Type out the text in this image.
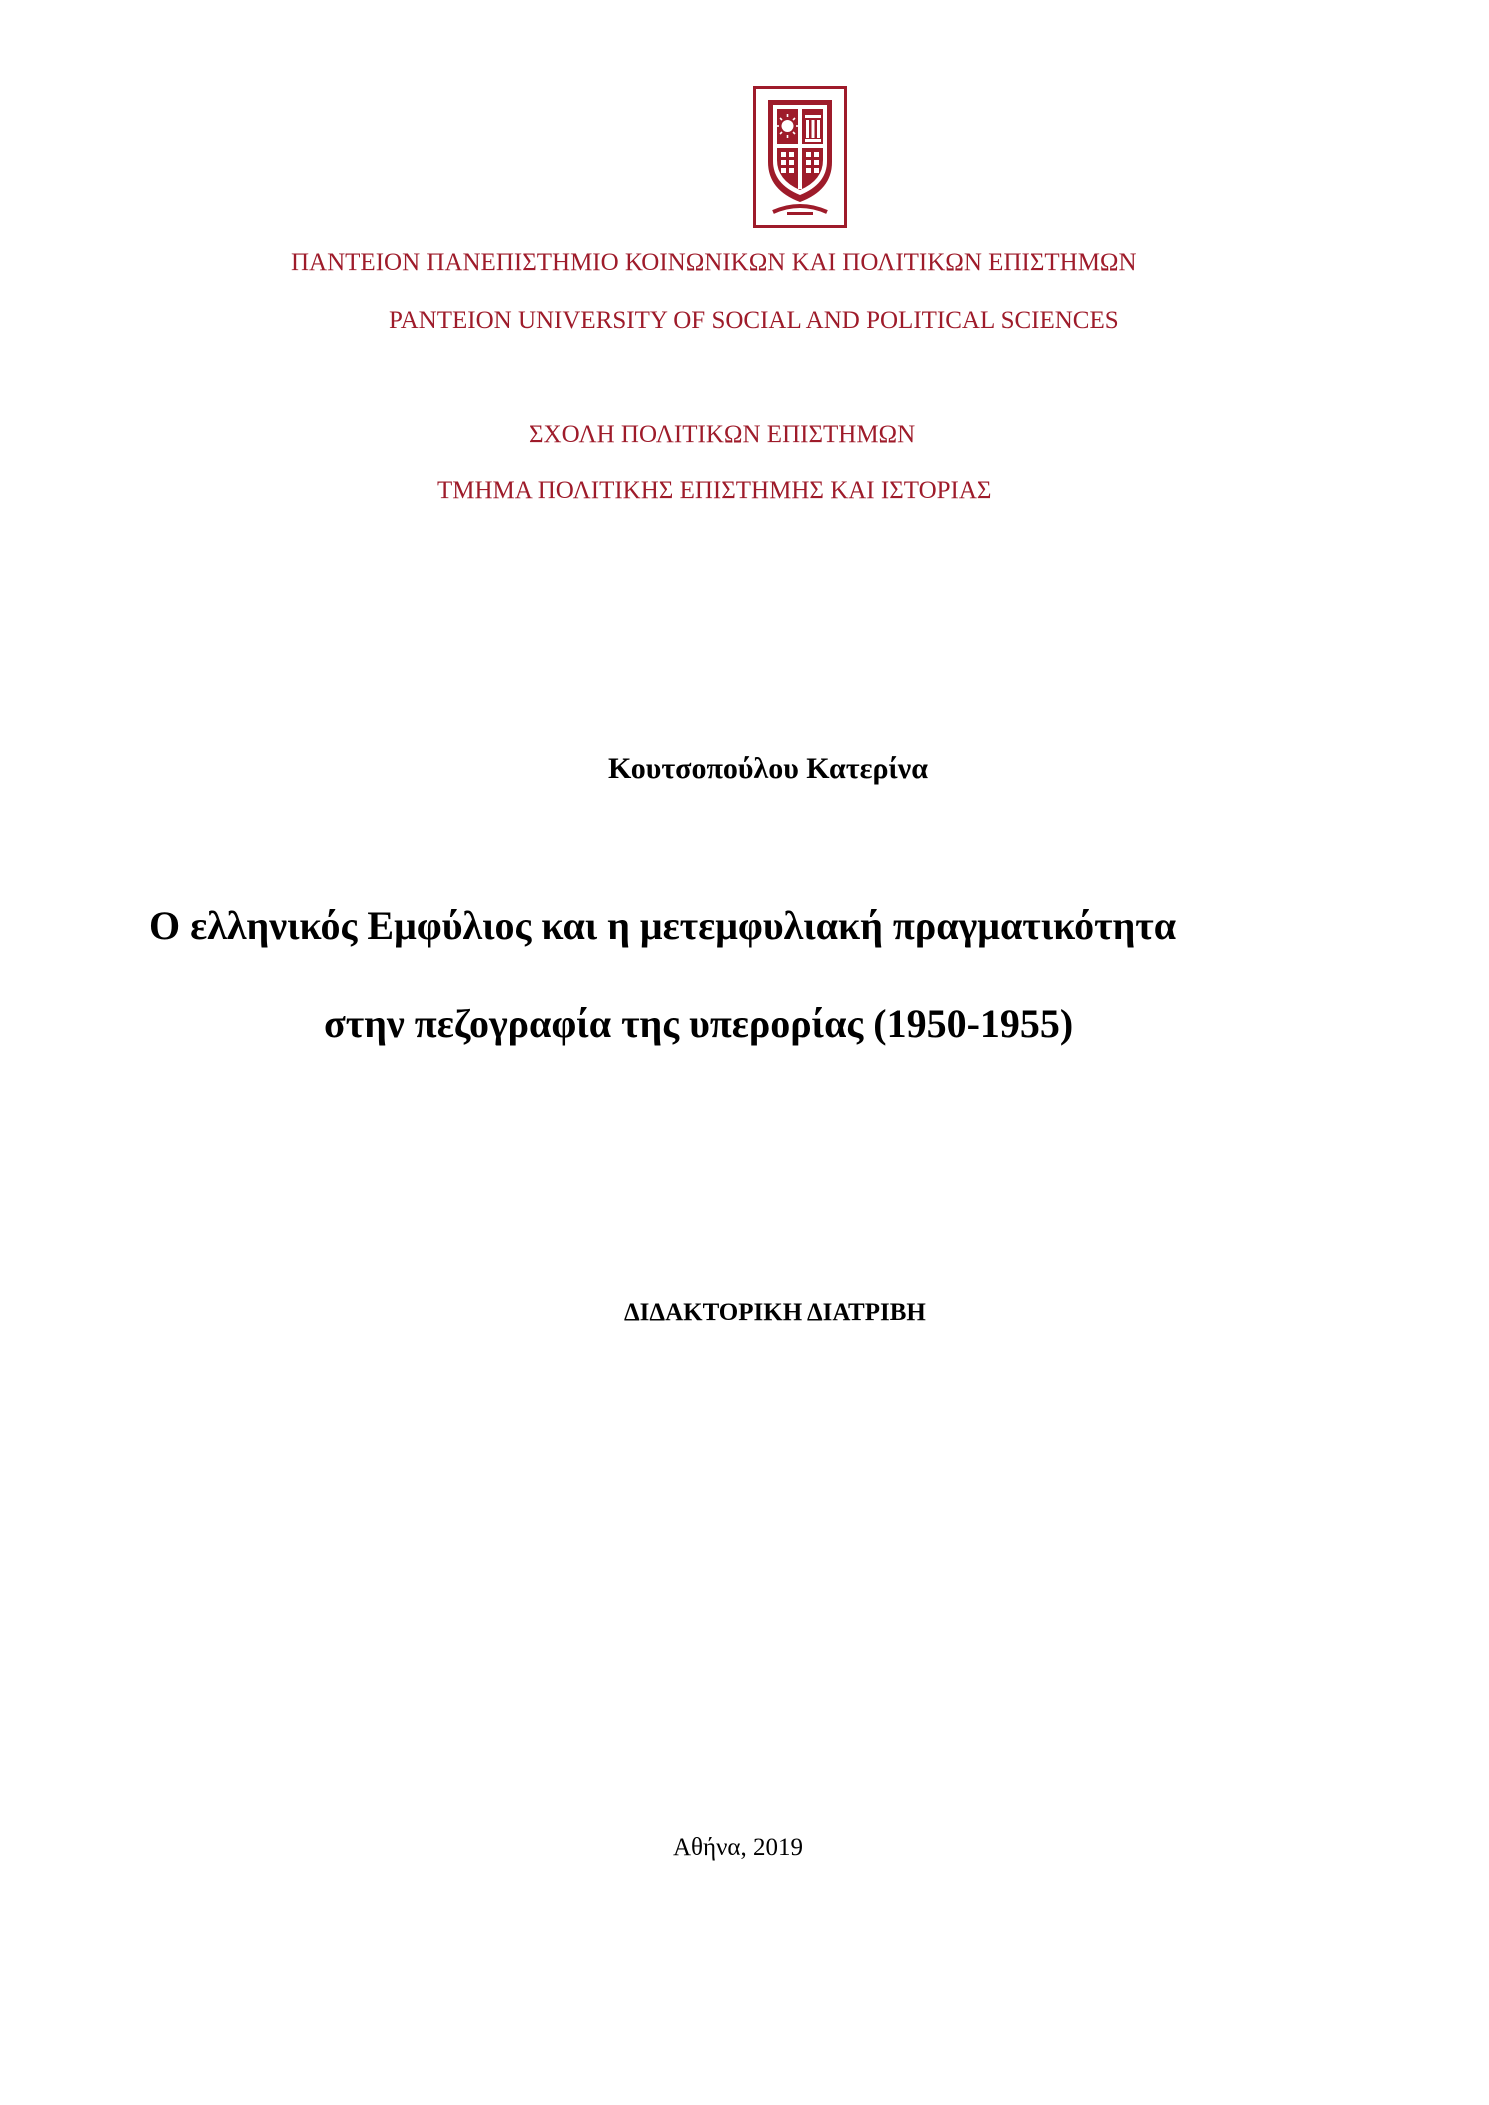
ΠΑΝΤΕΙΟΝ ΠΑΝΕΠΙΣΤΗΜΙΟ ΚΟΙΝΩΝΙΚΩΝ ΚΑΙ ΠΟΛΙΤΙΚΩΝ ΕΠΙΣΤΗΜΩΝ
PANTEION UNIVERSITY OF SOCIAL AND POLITICAL SCIENCES
ΣΧΟΛΗ ΠΟΛΙΤΙΚΩΝ ΕΠΙΣΤΗΜΩΝ
ΤΜΗΜΑ ΠΟΛΙΤΙΚΗΣ ΕΠΙΣΤΗΜΗΣ ΚΑΙ ΙΣΤΟΡΙΑΣ
Κουτσοπούλου Κατερίνα
Ο ελληνικός Εμφύλιος και η μετεμφυλιακή πραγματικότητα
στην πεζογραφία της υπερορίας (1950-1955)
ΔΙΔΑΚΤΟΡΙΚΗ ΔΙΑΤΡΙΒΗ
Αθήνα, 2019
